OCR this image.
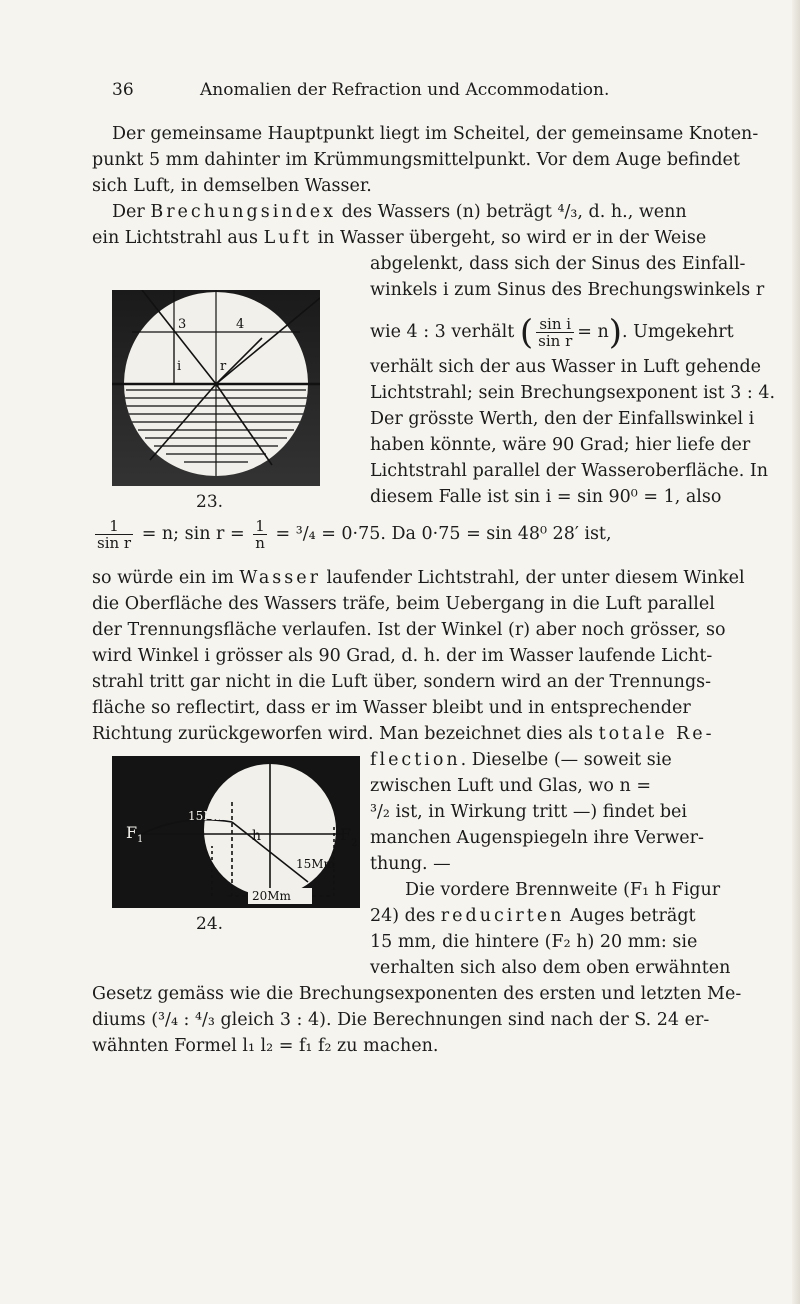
36	Anomalien der Refraction und Accommodation.
Der gemeinsame Hauptpunkt liegt im Scheitel, der gemeinsame Knoten-
punkt 5 mm dahinter im Krümmungsmittelpunkt. Vor dem Auge befindet
sich Luft, in demselben Wasser.
Der Brechungsindex des Wassers (n) beträgt ⁴/₃, d. h., wenn
ein Lichtstrahl aus Luft in Wasser übergeht, so wird er in der Weise
abgelenkt, dass sich der Sinus des Einfall-
winkels i zum Sinus des Brechungswinkels r
wie 4 : 3 verhält ( $\frac{\text{sin i}}{\text{sin r}} = n$). Umgekehrt
verhält sich der aus Wasser in Luft gehende
Lichtstrahl; sein Brechungsexponent ist 3 : 4.
Der grösste Werth, den der Einfallswinkel i
haben könnte, wäre 90 Grad; hier liefe der
Lichtstrahl parallel der Wasseroberfläche. In
diesem Falle ist sin i = sin 90⁰ = 1, also
$\frac{1}{\text{sin r}} = n$; $\sin r = \frac{1}{n} = ^3/_4 = 0\cdot 75$. Da 0·75 = sin 48⁰ 28′ ist,
so würde ein im Wasser laufender Lichtstrahl, der unter diesem Winkel
die Oberfläche des Wassers träfe, beim Uebergang in die Luft parallel
der Trennungsfläche verlaufen. Ist der Winkel (r) aber noch grösser, so
wird Winkel i grösser als 90 Grad, d. h. der im Wasser laufende Licht-
strahl tritt gar nicht in die Luft über, sondern wird an der Trennungs-
fläche so reflectirt, dass er im Wasser bleibt und in entsprechender
Richtung zurückgeworfen wird. Man bezeichnet dies als totale Re-
flection. Dieselbe (— soweit sie
zwischen Luft und Glas, wo n =
³/₂ ist, in Wirkung tritt —) findet bei
manchen Augenspiegeln ihre Verwer-
thung. —
Die vordere Brennweite (F₁ h Figur
24) des reducirten Auges beträgt
15 mm, die hintere (F₂ h) 20 mm: sie
verhalten sich also dem oben erwähnten
Gesetz gemäss wie die Brechungsexponenten des ersten und letzten Me-
diums (³/₄ : ⁴/₃ gleich 3 : 4). Die Berechnungen sind nach der S. 24 er-
wähnten Formel l₁ l₂ = f₁ f₂ zu machen.
3	4
i	r
23.
15Mm
F 1	h
15Mm
20Mm
F 2
24.
